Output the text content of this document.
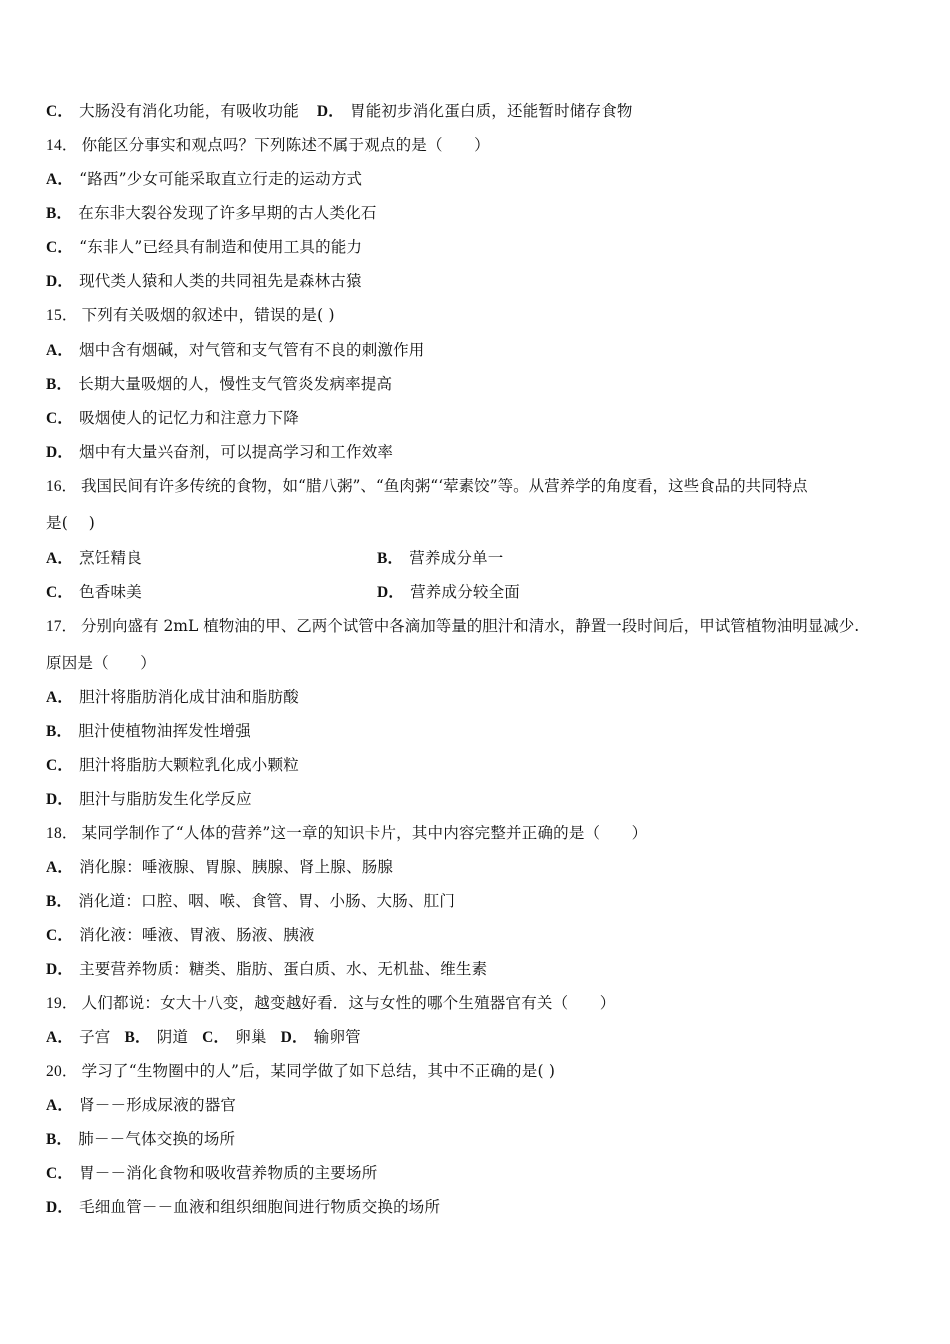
C． 大肠没有消化功能，有吸收功能 D． 胃能初步消化蛋白质，还能暂时储存食物
14． 你能区分事实和观点吗？下列陈述不属于观点的是（　　）
A． “路西”少女可能采取直立行走的运动方式
B． 在东非大裂谷发现了许多早期的古人类化石
C． “东非人”已经具有制造和使用工具的能力
D． 现代类人猿和人类的共同祖先是森林古猿
15． 下列有关吸烟的叙述中，错误的是( )
A． 烟中含有烟碱，对气管和支气管有不良的刺激作用
B． 长期大量吸烟的人，慢性支气管炎发病率提高
C． 吸烟使人的记忆力和注意力下降
D． 烟中有大量兴奋剂，可以提高学习和工作效率
16． 我国民间有许多传统的食物，如“腊八粥”、“鱼肉粥“‘荤素饺”等。从营养学的角度看，这些食品的共同特点
是(　 )
A． 烹饪精良	B． 营养成分单一
C． 色香味美	D． 营养成分较全面
17． 分别向盛有 2mL 植物油的甲、乙两个试管中各滴加等量的胆汁和清水，静置一段时间后，甲试管植物油明显减少.
原因是（　　）
A． 胆汁将脂肪消化成甘油和脂肪酸
B． 胆汁使植物油挥发性增强
C． 胆汁将脂肪大颗粒乳化成小颗粒
D． 胆汁与脂肪发生化学反应
18． 某同学制作了“人体的营养”这一章的知识卡片，其中内容完整并正确的是（　　）
A． 消化腺：唾液腺、胃腺、胰腺、肾上腺、肠腺
B． 消化道：口腔、咽、喉、食管、胃、小肠、大肠、肛门
C． 消化液：唾液、胃液、肠液、胰液
D． 主要营养物质：糖类、脂肪、蛋白质、水、无机盐、维生素
19． 人们都说：女大十八变，越变越好看．这与女性的哪个生殖器官有关（　　）
A． 子宫 B． 阴道 C． 卵巢 D． 输卵管
20． 学习了“生物圈中的人”后，某同学做了如下总结，其中不正确的是( )
A． 肾－－形成尿液的器官
B． 肺－－气体交换的场所
C． 胃－－消化食物和吸收营养物质的主要场所
D． 毛细血管－－血液和组织细胞间进行物质交换的场所
